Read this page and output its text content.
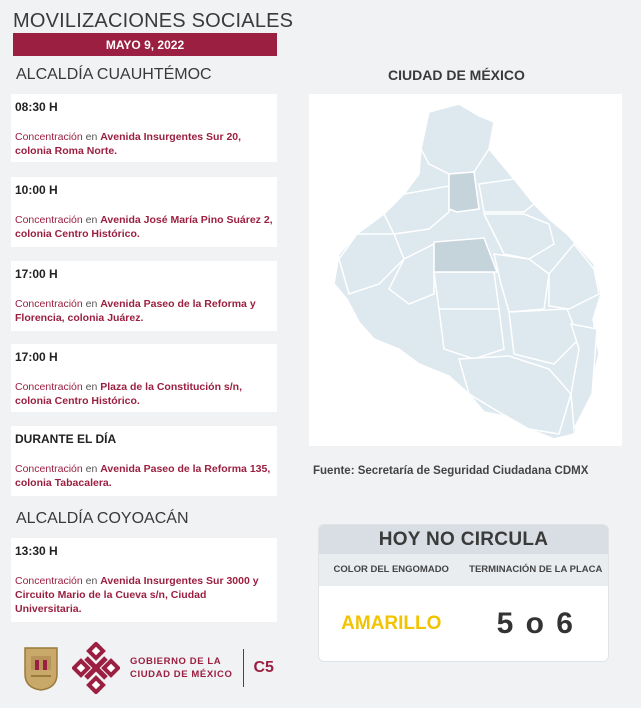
MOVILIZACIONES SOCIALES
MAYO 9, 2022
ALCALDÍA CUAUHTÉMOC
08:30 H
Concentración en Avenida Insurgentes Sur 20, colonia Roma Norte.
10:00 H
Concentración en Avenida José María Pino Suárez 2, colonia Centro Histórico.
17:00 H
Concentración en Avenida Paseo de la Reforma y Florencia, colonia Juárez.
17:00 H
Concentración en Plaza de la Constitución s/n, colonia Centro Histórico.
DURANTE EL DÍA
Concentración en Avenida Paseo de la Reforma 135, colonia Tabacalera.
ALCALDÍA COYOACÁN
13:30 H
Concentración en Avenida Insurgentes Sur 3000 y Circuito Mario de la Cueva s/n, Ciudad Universitaria.
CIUDAD DE MÉXICO
Fuente: Secretaría de Seguridad Ciudadana CDMX
HOY NO CIRCULA
COLOR DEL ENGOMADO	TERMINACIÓN DE LA PLACA
AMARILLO 5 o 6
GOBIERNO DE LA
CIUDAD DE MÉXICO C5
